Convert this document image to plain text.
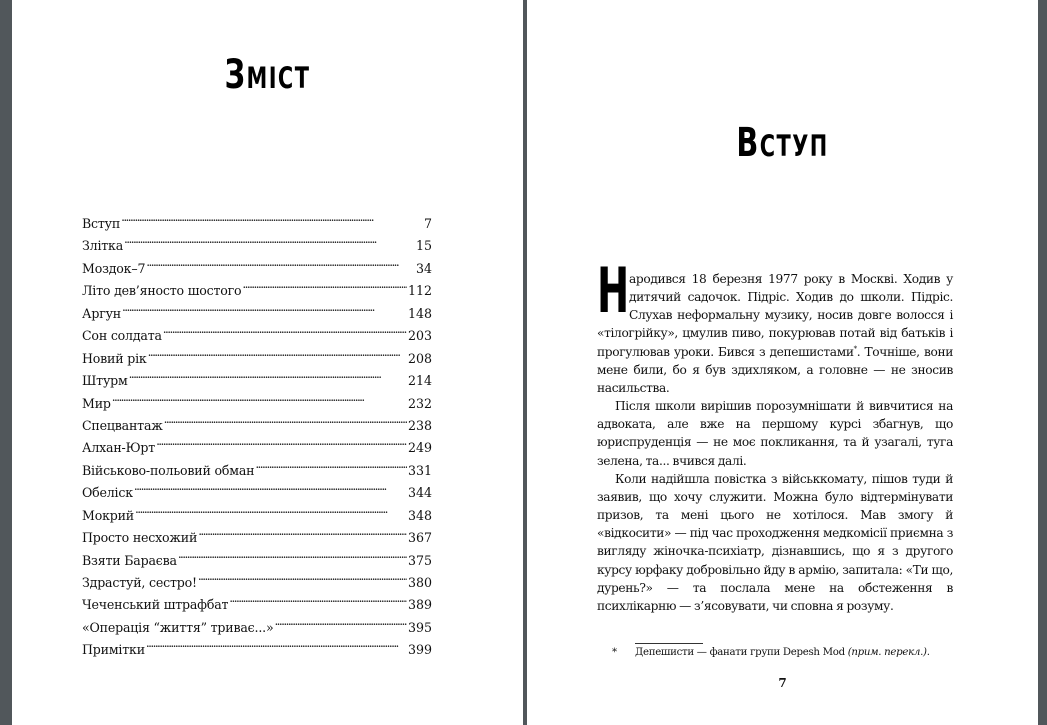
ЗМІСТ
Вступ . . .	7
Злітка . . .	15
Моздок–7 . . .	34
Літо дев’яносто шостого . . .	112
Аргун . . .	148
Сон солдата . . .	203
Новий рік . . .	208
Штурм . . .	214
Мир . . .	232
Спецвантаж . . .	238
Алхан-Юрт . . .	249
Військово-польовий обман . . .	331
Обеліск . . .	344
Мокрий . . .	348
Просто несхожий . . .	367
Взяти Бараєва . . .	375
Здрастуй, сестро! . . .	380
Чеченський штрафбат . . .	389
«Операція “життя” триває...» . . .	395
Примітки . . .	399
ВСТУП

Народився 18 березня 1977 року в Москві. Ходив у дитячий садочок. Підріс. Ходив до школи. Підріс. Слухав неформальну музику, носив довге волосся і «тілогрійку», цмулив пиво, покурював потай від батьків і прогулював уроки. Бився з депешистами*. Точніше, вони мене били, бо я був здихляком, а головне — не зносив насильства.

Після школи вирішив порозумнішати й вивчитися на адвоката, але вже на першому курсі збагнув, що юриспруденція — не моє покликання, та й узагалі, туга зелена, та... вчився далі.

Коли надійшла повістка з військкомату, пішов туди й заявив, що хочу служити. Можна було відтермінувати призов, та мені цього не хотілося. Мав змогу й «відкосити» — під час проходження медкомісії приємна з вигляду жіночка-психіатр, дізнавшись, що я з другого курсу юрфаку добровільно йду в армію, запитала: «Ти що, дурень?» — та послала мене на обстеження в психлікарню — з’ясовувати, чи сповна я розуму.

* Депешисти — фанати групи Depesh Mod (прим. перекл.).
7
